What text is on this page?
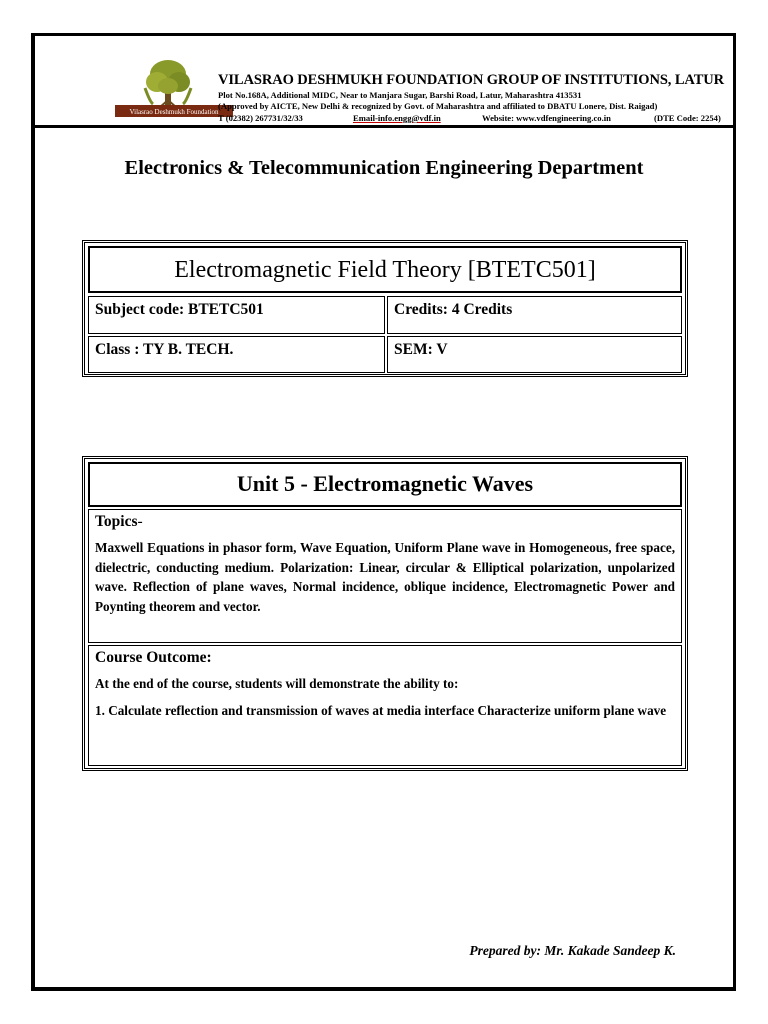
Vilasrao Deshmukh Foundation
VILASRAO DESHMUKH FOUNDATION GROUP OF INSTITUTIONS, LATUR
Plot No.168A, Additional MIDC, Near to Manjara Sugar, Barshi Road, Latur, Maharashtra 413531
(Approved by AICTE, New Delhi & recognized by Govt. of Maharashtra and affiliated to DBATU Lonere, Dist. Raigad)
T (02382) 267731/32/33	Email-info.engg@vdf.in	Website: www.vdfengineering.co.in	(DTE Code: 2254)
Electronics & Telecommunication Engineering Department
Electromagnetic Field Theory [BTETC501]
Subject code: BTETC501	Credits: 4 Credits
Class : TY B. TECH.	SEM: V
Unit 5 - Electromagnetic Waves
Topics-
Maxwell Equations in phasor form, Wave Equation, Uniform Plane wave in Homogeneous, free space, dielectric, conducting medium. Polarization: Linear, circular & Elliptical polarization, unpolarized wave. Reflection of plane waves, Normal incidence, oblique incidence, Electromagnetic Power and Poynting theorem and vector.
Course Outcome:
At the end of the course, students will demonstrate the ability to:
1. Calculate reflection and transmission of waves at media interface Characterize uniform plane wave
Prepared by: Mr. Kakade Sandeep K.
